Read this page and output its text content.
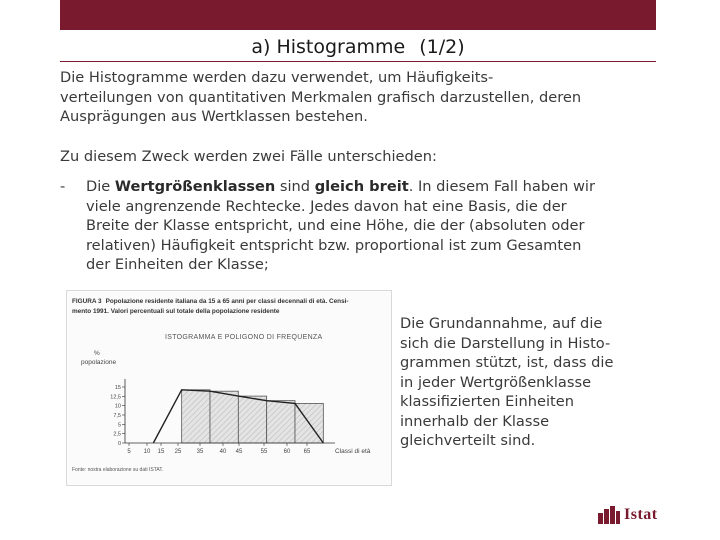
a) Histogramme (1/2)
Die Histogramme werden dazu verwendet, um Häufigkeits-
verteilungen von quantitativen Merkmalen grafisch darzustellen, deren
Ausprägungen aus Wertklassen bestehen.
Zu diesem Zweck werden zwei Fälle unterschieden:
- Die Wertgrößenklassen sind gleich breit. In diesem Fall haben wir
viele angrenzende Rechtecke. Jedes davon hat eine Basis, die der
Breite der Klasse entspricht, und eine Höhe, die der (absoluten oder
relativen) Häufigkeit entspricht bzw. proportional ist zum Gesamten
der Einheiten der Klasse;
FIGURA 3 Popolazione residente italiana da 15 a 65 anni per classi decennali di età. Censi-
mento 1991. Valori percentuali sul totale della popolazione residente
ISTOGRAMMA E POLIGONO DI FREQUENZA
%
popolazione
Classi di età
Fonte: nostra elaborazione su dati ISTAT.
15
12,5
10
7,5
5
2,5
0
5 10 15 25	35	40 45	55	60 65
Die Grundannahme, auf die
sich die Darstellung in Histo-
grammen stützt, ist, dass die
in jeder Wertgrößenklasse
klassifizierten Einheiten
innerhalb der Klasse
gleichverteilt sind.
Istat
